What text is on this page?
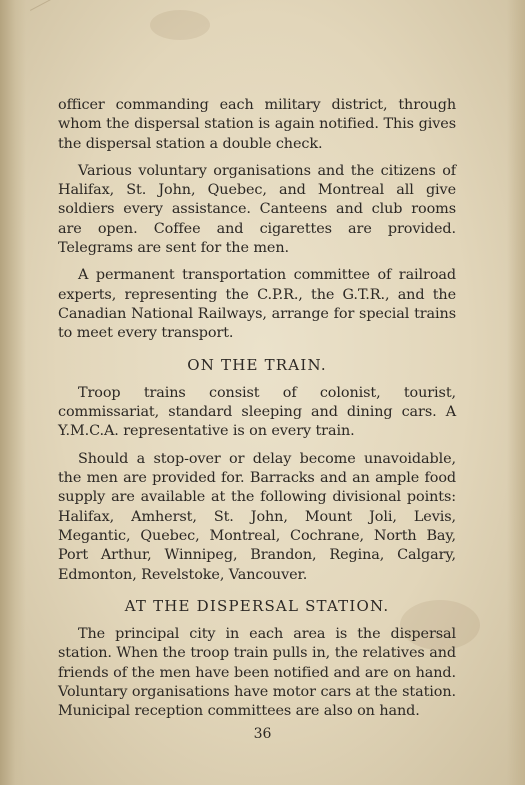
officer commanding each military district, through whom the dispersal station is again notified. This gives the dispersal station a double check.

Various voluntary organisations and the citizens of Halifax, St. John, Quebec, and Montreal all give soldiers every assistance. Canteens and club rooms are open. Coffee and cigarettes are provided. Telegrams are sent for the men.

A permanent transportation committee of railroad experts, representing the C.P.R., the G.T.R., and the Canadian National Railways, arrange for special trains to meet every transport.

ON THE TRAIN.

Troop trains consist of colonist, tourist, commissariat, standard sleeping and dining cars. A Y.M.C.A. representative is on every train.

Should a stop-over or delay become unavoidable, the men are provided for. Barracks and an ample food supply are available at the following divisional points: Halifax, Amherst, St. John, Mount Joli, Levis, Megantic, Quebec, Montreal, Cochrane, North Bay, Port Arthur, Winnipeg, Brandon, Regina, Calgary, Edmonton, Revelstoke, Vancouver.

AT THE DISPERSAL STATION.

The principal city in each area is the dispersal station. When the troop train pulls in, the relatives and friends of the men have been notified and are on hand. Voluntary organisations have motor cars at the station. Municipal reception committees are also on hand.

36
